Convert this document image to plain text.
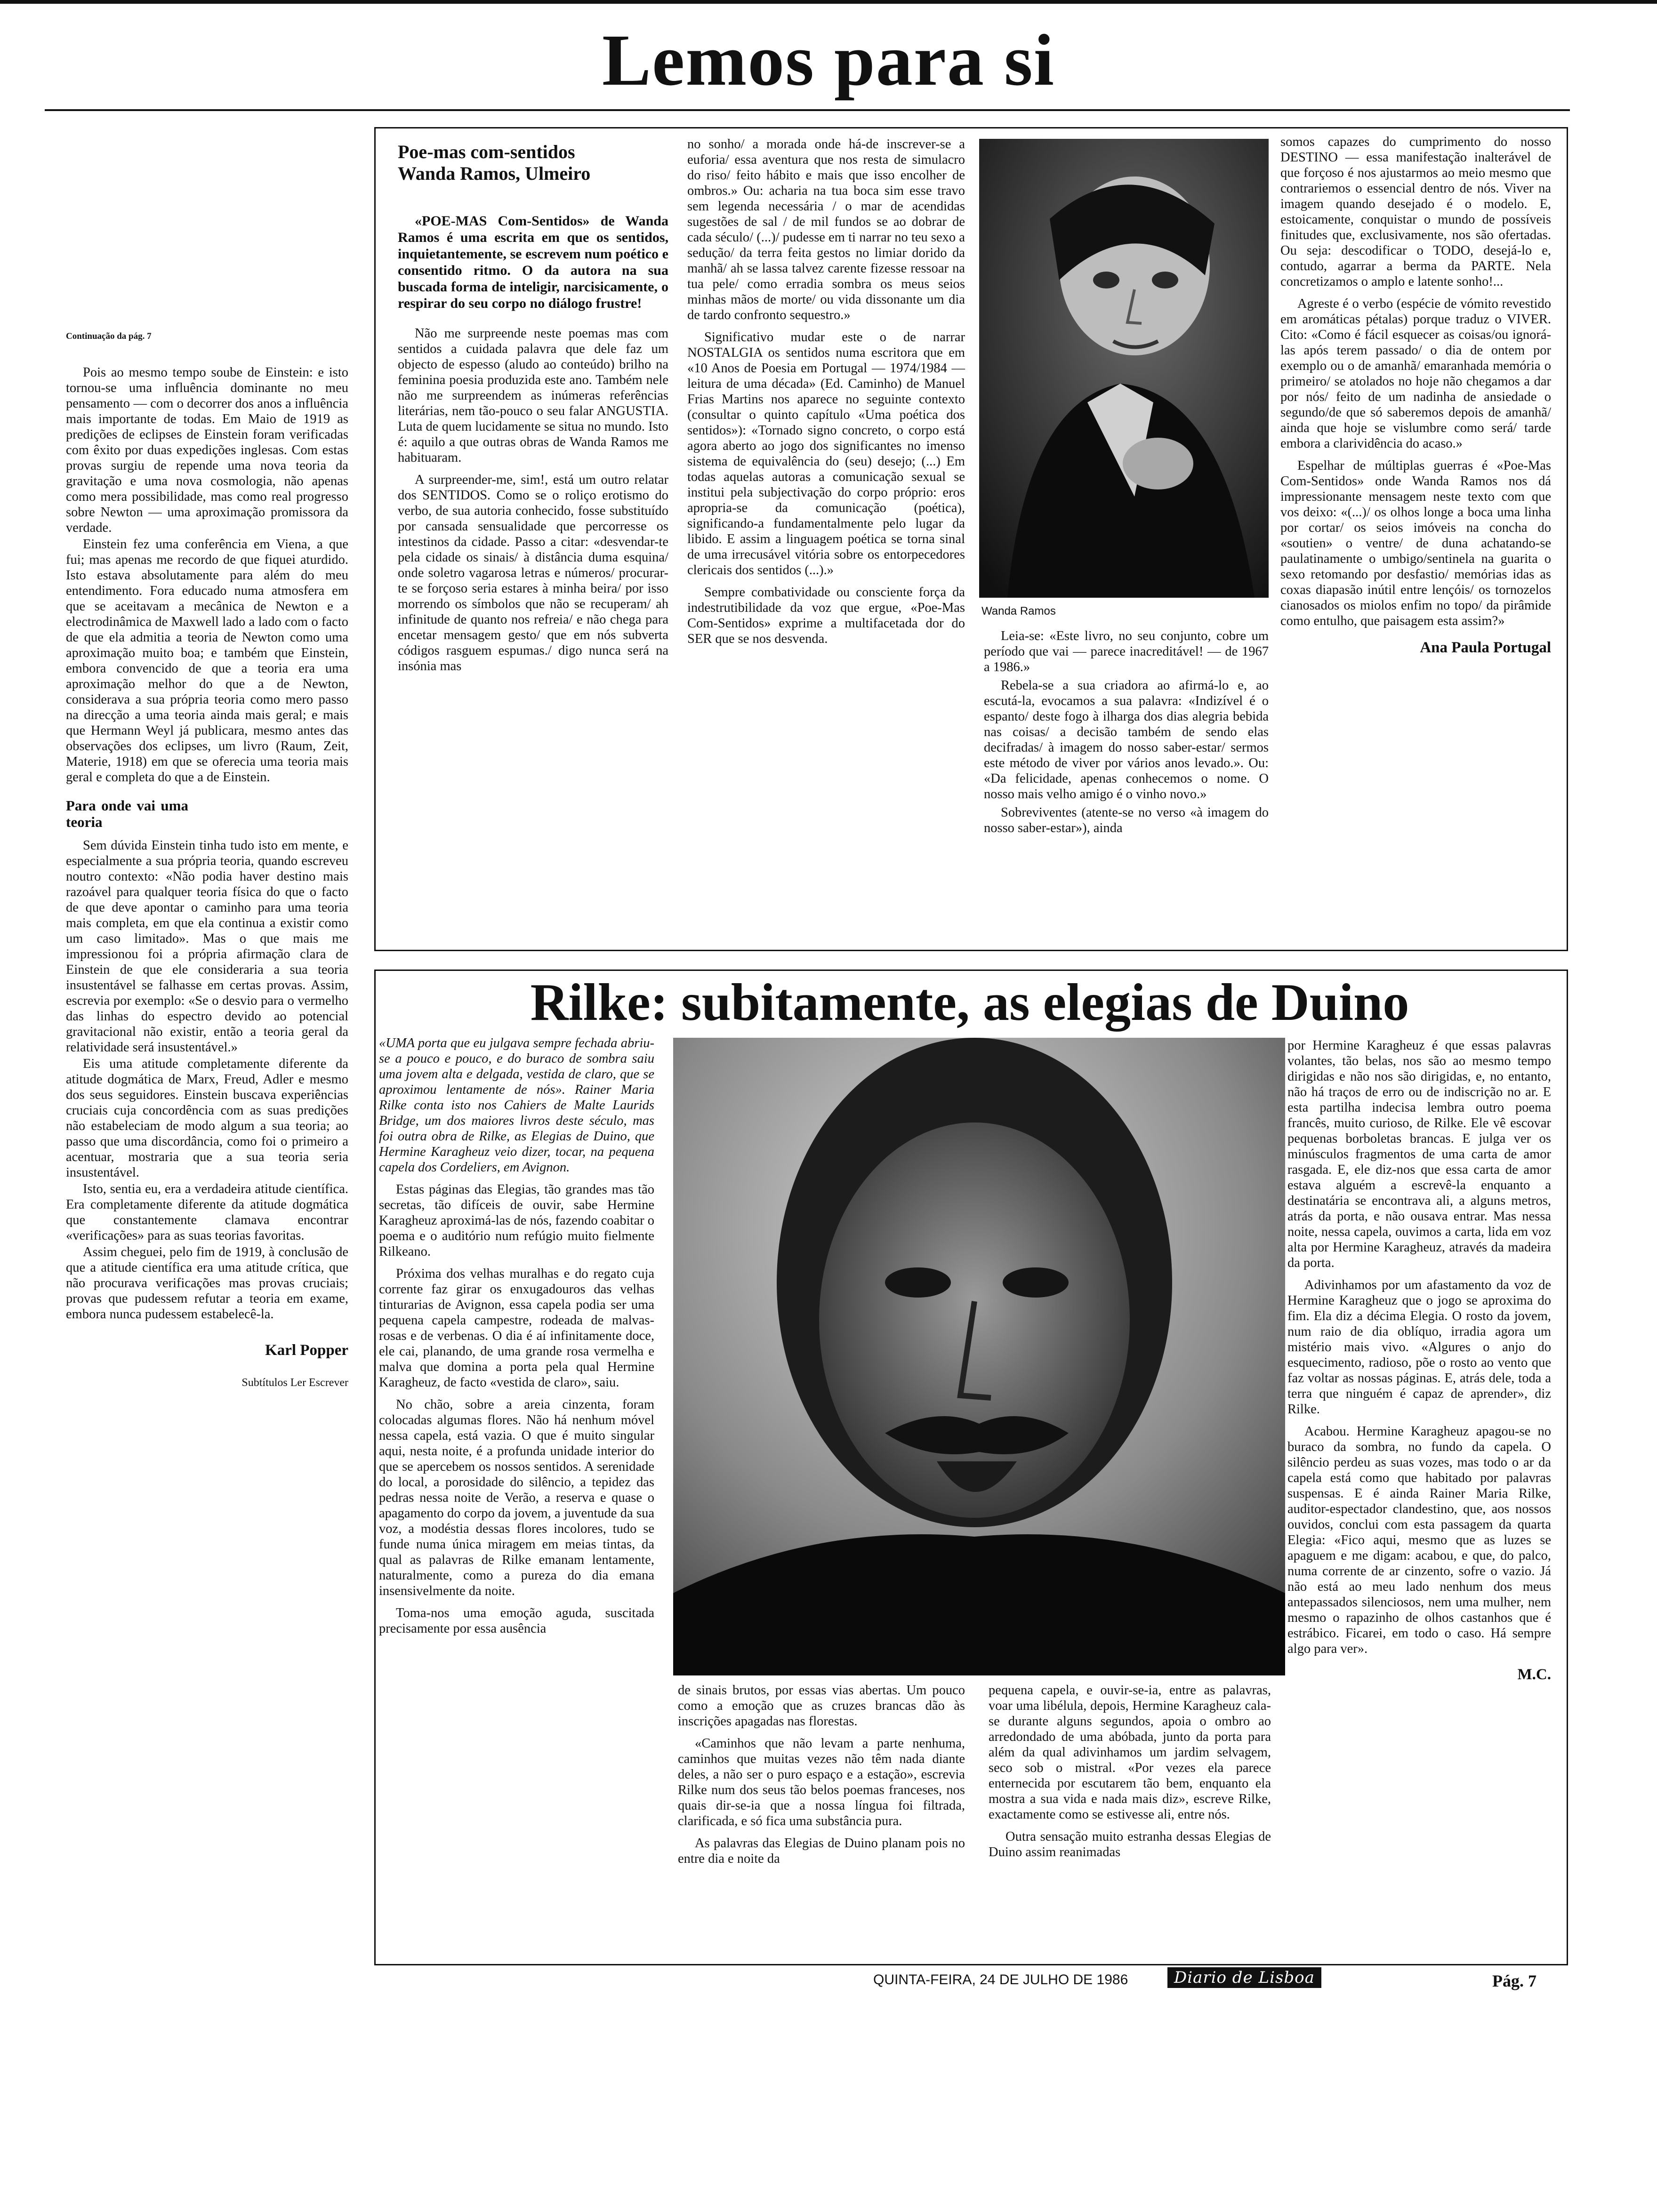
Lemos para si
Continuação da pág. 7

Pois ao mesmo tempo soube de Einstein: e isto tornou-se uma influência dominante no meu pensamento — com o decorrer dos anos a influência mais importante de todas. Em Maio de 1919 as predições de eclipses de Einstein foram verificadas com êxito por duas expedições inglesas. Com estas provas surgiu de repende uma nova teoria da gravitação e uma nova cosmologia, não apenas como mera possibilidade, mas como real progresso sobre Newton — uma aproximação promissora da verdade.

Einstein fez uma conferência em Viena, a que fui; mas apenas me recordo de que fiquei aturdido. Isto estava absolutamente para além do meu entendimento. Fora educado numa atmosfera em que se aceitavam a mecânica de Newton e a electrodinâmica de Maxwell lado a lado com o facto de que ela admitia a teoria de Newton como uma aproximação muito boa; e também que Einstein, embora convencido de que a teoria era uma aproximação melhor do que a de Newton, considerava a sua própria teoria como mero passo na direcção a uma teoria ainda mais geral; e mais que Hermann Weyl já publicara, mesmo antes das observações dos eclipses, um livro (Raum, Zeit, Materie, 1918) em que se oferecia uma teoria mais geral e completa do que a de Einstein.

Para onde vai uma teoria

Sem dúvida Einstein tinha tudo isto em mente, e especialmente a sua própria teoria, quando escreveu noutro contexto: «Não podia haver destino mais razoável para qualquer teoria física do que o facto de que deve apontar o caminho para uma teoria mais completa, em que ela continua a existir como um caso limitado». Mas o que mais me impressionou foi a própria afirmação clara de Einstein de que ele consideraria a sua teoria insustentável se falhasse em certas provas. Assim, escrevia por exemplo: «Se o desvio para o vermelho das linhas do espectro devido ao potencial gravitacional não existir, então a teoria geral da relatividade será insustentável.»

Eis uma atitude completamente diferente da atitude dogmática de Marx, Freud, Adler e mesmo dos seus seguidores. Einstein buscava experiências cruciais cuja concordência com as suas predições não estabeleciam de modo algum a sua teoria; ao passo que uma discordância, como foi o primeiro a acentuar, mostraria que a sua teoria seria insustentável.

Isto, sentia eu, era a verdadeira atitude científica. Era completamente diferente da atitude dogmática que constantemente clamava encontrar «verificações» para as suas teorias favoritas.

Assim cheguei, pelo fim de 1919, à conclusão de que a atitude científica era uma atitude crítica, que não procurava verificações mas provas cruciais; provas que pudessem refutar a teoria em exame, embora nunca pudessem estabelecê-la.

Karl Popper
Subtítulos Ler Escrever
Poe-mas com-sentidos
Wanda Ramos, Ulmeiro

«POE-MAS Com-Sentidos» de Wanda Ramos é uma escrita em que os sentidos, inquietantemente, se escrevem num poético e consentido ritmo. O da autora na sua buscada forma de inteligir, narcisicamente, o respirar do seu corpo no diálogo frustre!

Não me surpreende neste poemas mas com sentidos a cuidada palavra que dele faz um objecto de espesso (aludo ao conteúdo) brilho na feminina poesia produzida este ano. Também nele não me surpreendem as inúmeras referências literárias, nem tão-pouco o seu falar ANGUSTIA. Luta de quem lucidamente se situa no mundo. Isto é: aquilo a que outras obras de Wanda Ramos me habituaram.

A surpreender-me, sim!, está um outro relatar dos SENTIDOS. Como se o roliço erotismo do verbo, de sua autoria conhecido, fosse substituído por cansada sensualidade que percorresse os intestinos da cidade. Passo a citar: «desvendar-te pela cidade os sinais/ à distância duma esquina/ onde soletro vagarosa letras e números/ procurar-te se forçoso seria estares à minha beira/ por isso morrendo os símbolos que não se recuperam/ ah infinitude de quanto nos refreia/ e não chega para encetar mensagem gesto/ que em nós subverta códigos rasguem espumas./ digo nunca será na insónia mas

no sonho/ a morada onde há-de inscrever-se a euforia/ essa aventura que nos resta de simulacro do riso/ feito hábito e mais que isso encolher de ombros.» Ou: acharia na tua boca sim esse travo sem legenda necessária / o mar de acendidas sugestões de sal / de mil fundos se ao dobrar de cada século/ (...)/ pudesse em ti narrar no teu sexo a sedução/ da terra feita gestos no limiar dorido da manhã/ ah se lassa talvez carente fizesse ressoar na tua pele/ como erradia sombra os meus seios minhas mãos de morte/ ou vida dissonante um dia de tardo confronto sequestro.»

Significativo mudar este o de narrar NOSTALGIA os sentidos numa escritora que em «10 Anos de Poesia em Portugal — 1974/1984 — leitura de uma década» (Ed. Caminho) de Manuel Frias Martins nos aparece no seguinte contexto (consultar o quinto capítulo «Uma poética dos sentidos»): «Tornado signo concreto, o corpo está agora aberto ao jogo dos significantes no imenso sistema de equivalência do (seu) desejo; (...) Em todas aquelas autoras a comunicação sexual se institui pela subjectivação do corpo próprio: eros apropria-se da comunicação (poética), significando-a fundamentalmente pelo lugar da libido. E assim a linguagem poética se torna sinal de uma irrecusável vitória sobre os entorpecedores clericais dos sentidos (...).»

Sempre combatividade ou consciente força da indestrutibilidade da voz que ergue, «Poe-Mas Com-Sentidos» exprime a multifacetada dor do SER que se nos desvenda.

Wanda Ramos

Leia-se: «Este livro, no seu conjunto, cobre um período que vai — parece inacreditável! — de 1967 a 1986.»

Rebela-se a sua criadora ao afirmá-lo e, ao escutá-la, evocamos a sua palavra: «Indizível é o espanto/ deste fogo à ilharga dos dias alegria bebida nas coisas/ a decisão também de sendo elas decifradas/ à imagem do nosso saber-estar/ sermos este método de viver por vários anos levado.». Ou: «Da felicidade, apenas conhecemos o nome. O nosso mais velho amigo é o vinho novo.»

Sobreviventes (atente-se no verso «à imagem do nosso saber-estar»), ainda

somos capazes do cumprimento do nosso DESTINO — essa manifestação inalterável de que forçoso é nos ajustarmos ao meio mesmo que contrariemos o essencial dentro de nós. Viver na imagem quando desejado é o modelo. E, estoicamente, conquistar o mundo de possíveis finitudes que, exclusivamente, nos são ofertadas. Ou seja: descodificar o TODO, desejá-lo e, contudo, agarrar a berma da PARTE. Nela concretizamos o amplo e latente sonho!...

Agreste é o verbo (espécie de vómito revestido em aromáticas pétalas) porque traduz o VIVER. Cito: «Como é fácil esquecer as coisas/ou ignorá-las após terem passado/ o dia de ontem por exemplo ou o de amanhã/ emaranhada memória o primeiro/ se atolados no hoje não chegamos a dar por nós/ feito de um nadinha de ansiedade o segundo/de que só saberemos depois de amanhã/ ainda que hoje se vislumbre como será/ tarde embora a clarividência do acaso.»

Espelhar de múltiplas guerras é «Poe-Mas Com-Sentidos» onde Wanda Ramos nos dá impressionante mensagem neste texto com que vos deixo: «(...)/ os olhos longe a boca uma linha por cortar/ os seios imóveis na concha do «soutien» o ventre/ de duna achatando-se paulatinamente o umbigo/sentinela na guarita o sexo retomando por desfastio/ memórias idas as coxas diapasão inútil entre lençóis/ os tornozelos cianosados os miolos enfim no topo/ da pirâmide como entulho, que paisagem esta assim?»

Ana Paula Portugal
Rilke: subitamente, as elegias de Duino

«UMA porta que eu julgava sempre fechada abriu-se a pouco e pouco, e do buraco de sombra saiu uma jovem alta e delgada, vestida de claro, que se aproximou lentamente de nós». Rainer Maria Rilke conta isto nos Cahiers de Malte Laurids Bridge, um dos maiores livros deste século, mas foi outra obra de Rilke, as Elegias de Duino, que Hermine Karagheuz veio dizer, tocar, na pequena capela dos Cordeliers, em Avignon.

Estas páginas das Elegias, tão grandes mas tão secretas, tão difíceis de ouvir, sabe Hermine Karagheuz aproximá-las de nós, fazendo coabitar o poema e o auditório num refúgio muito fielmente Rilkeano.

Próxima dos velhas muralhas e do regato cuja corrente faz girar os enxugadouros das velhas tinturarias de Avignon, essa capela podia ser uma pequena capela campestre, rodeada de malvas-rosas e de verbenas. O dia é aí infinitamente doce, ele cai, planando, de uma grande rosa vermelha e malva que domina a porta pela qual Hermine Karagheuz, de facto «vestida de claro», saiu.

No chão, sobre a areia cinzenta, foram colocadas algumas flores. Não há nenhum móvel nessa capela, está vazia. O que é muito singular aqui, nesta noite, é a profunda unidade interior do que se apercebem os nossos sentidos. A serenidade do local, a porosidade do silêncio, a tepidez das pedras nessa noite de Verão, a reserva e quase o apagamento do corpo da jovem, a juventude da sua voz, a modéstia dessas flores incolores, tudo se funde numa única miragem em meias tintas, da qual as palavras de Rilke emanam lentamente, naturalmente, como a pureza do dia emana insensivelmente da noite.

Toma-nos uma emoção aguda, suscitada precisamente por essa ausência

de sinais brutos, por essas vias abertas. Um pouco como a emoção que as cruzes brancas dão às inscrições apagadas nas florestas.

«Caminhos que não levam a parte nenhuma, caminhos que muitas vezes não têm nada diante deles, a não ser o puro espaço e a estação», escrevia Rilke num dos seus tão belos poemas franceses, nos quais dir-se-ia que a nossa língua foi filtrada, clarificada, e só fica uma substância pura.

As palavras das Elegias de Duino planam pois no entre dia e noite da

pequena capela, e ouvir-se-ia, entre as palavras, voar uma libélula, depois, Hermine Karagheuz cala-se durante alguns segundos, apoia o ombro ao arredondado de uma abóbada, junto da porta para além da qual adivinhamos um jardim selvagem, seco sob o mistral. «Por vezes ela parece enternecida por escutarem tão bem, enquanto ela mostra a sua vida e nada mais diz», escreve Rilke, exactamente como se estivesse ali, entre nós.

Outra sensação muito estranha dessas Elegias de Duino assim reanimadas

por Hermine Karagheuz é que essas palavras volantes, tão belas, nos são ao mesmo tempo dirigidas e não nos são dirigidas, e, no entanto, não há traços de erro ou de indiscrição no ar. E esta partilha indecisa lembra outro poema francês, muito curioso, de Rilke. Ele vê escovar pequenas borboletas brancas. E julga ver os minúsculos fragmentos de uma carta de amor rasgada. E, ele diz-nos que essa carta de amor estava alguém a escrevê-la enquanto a destinatária se encontrava ali, a alguns metros, atrás da porta, e não ousava entrar. Mas nessa noite, nessa capela, ouvimos a carta, lida em voz alta por Hermine Karagheuz, através da madeira da porta.

Adivinhamos por um afastamento da voz de Hermine Karagheuz que o jogo se aproxima do fim. Ela diz a décima Elegia. O rosto da jovem, num raio de dia oblíquo, irradia agora um mistério mais vivo. «Algures o anjo do esquecimento, radioso, põe o rosto ao vento que faz voltar as nossas páginas. E, atrás dele, toda a terra que ninguém é capaz de aprender», diz Rilke.

Acabou. Hermine Karagheuz apagou-se no buraco da sombra, no fundo da capela. O silêncio perdeu as suas vozes, mas todo o ar da capela está como que habitado por palavras suspensas. E é ainda Rainer Maria Rilke, auditor-espectador clandestino, que, aos nossos ouvidos, conclui com esta passagem da quarta Elegia: «Fico aqui, mesmo que as luzes se apaguem e me digam: acabou, e que, do palco, numa corrente de ar cinzento, sofre o vazio. Já não está ao meu lado nenhum dos meus antepassados silenciosos, nem uma mulher, nem mesmo o rapazinho de olhos castanhos que é estrábico. Ficarei, em todo o caso. Há sempre algo para ver».

M.C.
QUINTA-FEIRA, 24 DE JULHO DE 1986	Diario de Lisboa	Pág. 7
